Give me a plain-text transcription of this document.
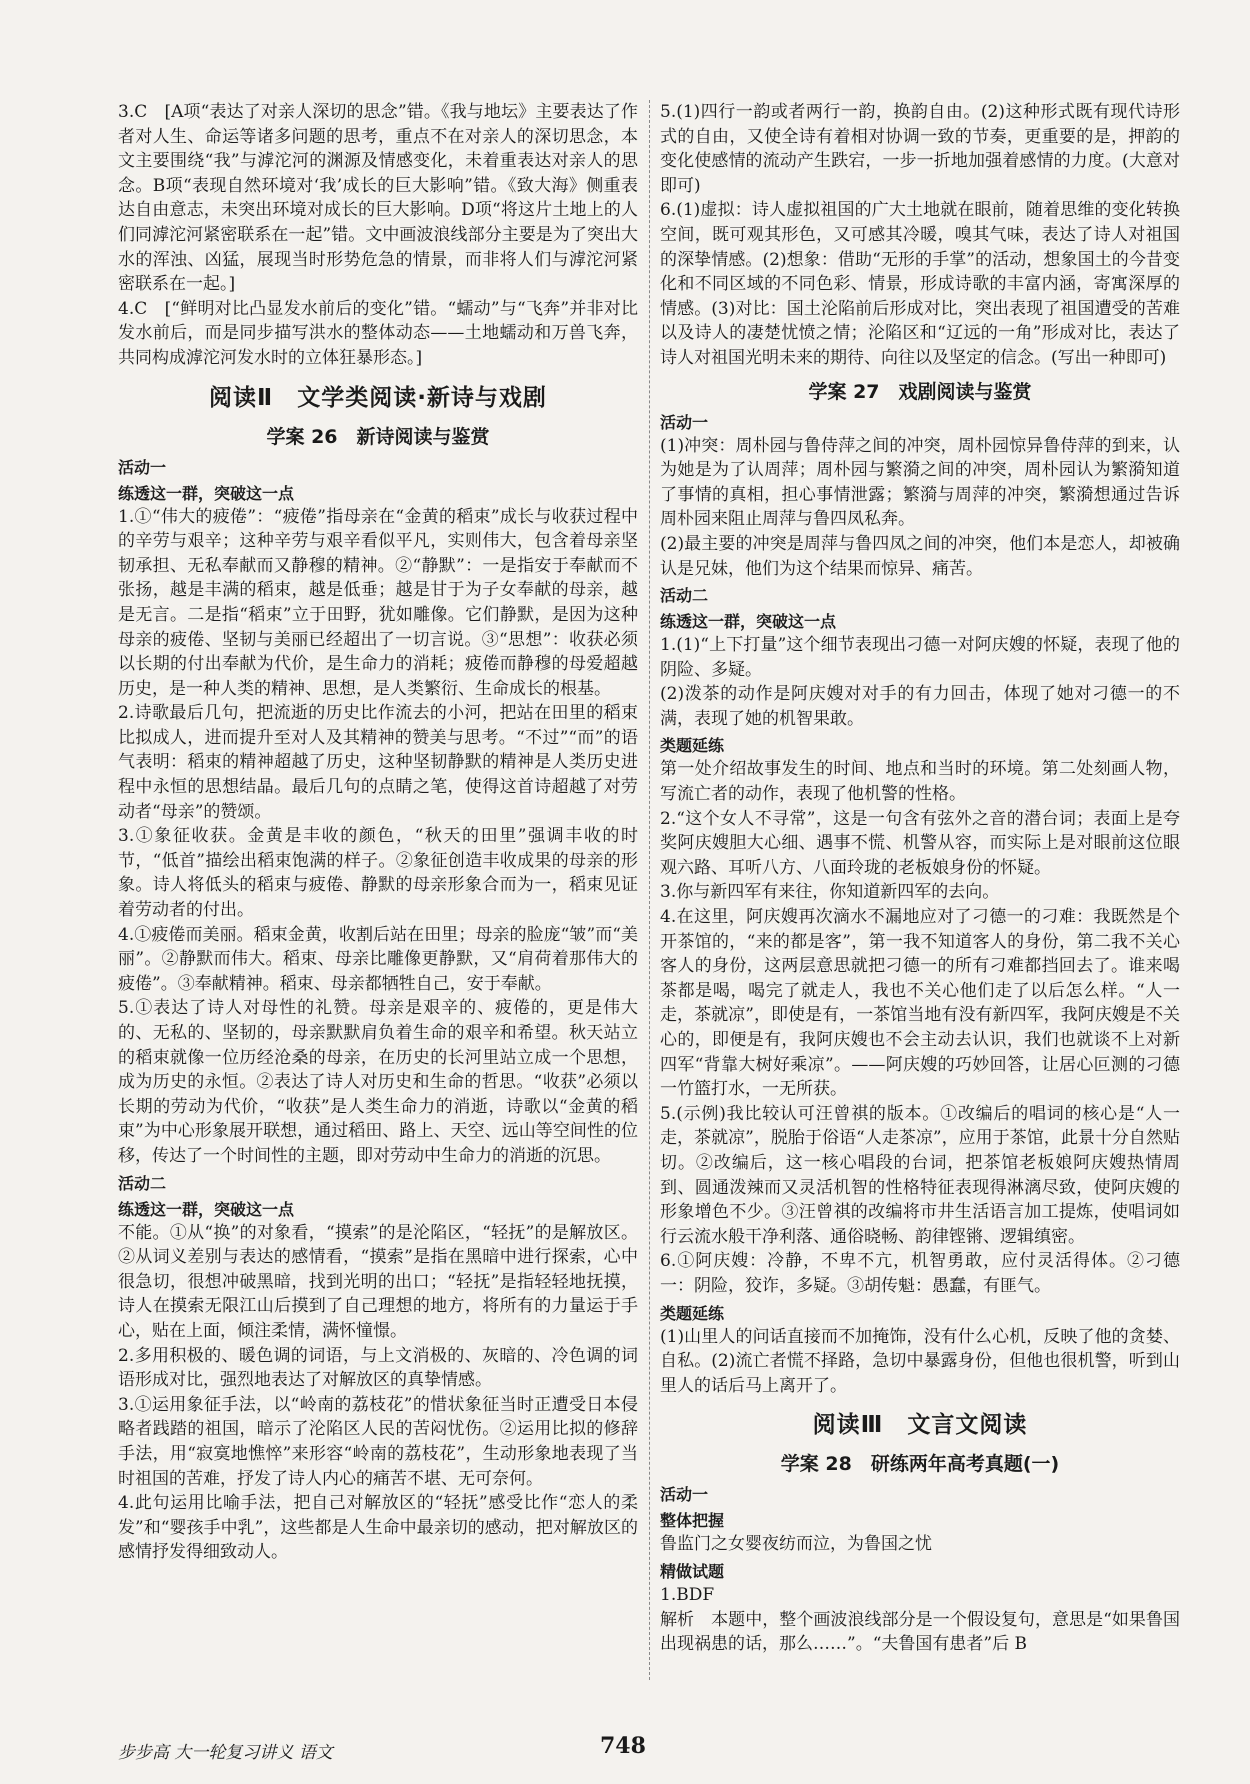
3.C　[A项“表达了对亲人深切的思念”错。《我与地坛》主要表达了作者对人生、命运等诸多问题的思考，重点不在对亲人的深切思念，本文主要围绕“我”与滹沱河的渊源及情感变化，未着重表达对亲人的思念。B项“表现自然环境对‘我’成长的巨大影响”错。《致大海》侧重表达自由意志，未突出环境对成长的巨大影响。D项“将这片土地上的人们同滹沱河紧密联系在一起”错。文中画波浪线部分主要是为了突出大水的浑浊、凶猛，展现当时形势危急的情景，而非将人们与滹沱河紧密联系在一起。]

4.C　[“鲜明对比凸显发水前后的变化”错。“蠕动”与“飞奔”并非对比发水前后，而是同步描写洪水的整体动态——土地蠕动和万兽飞奔，共同构成滹沱河发水时的立体狂暴形态。]

阅读Ⅱ　文学类阅读·新诗与戏剧
学案 26　新诗阅读与鉴赏
活动一
练透这一群，突破这一点

1.①“伟大的疲倦”：“疲倦”指母亲在“金黄的稻束”成长与收获过程中的辛劳与艰辛；这种辛劳与艰辛看似平凡，实则伟大，包含着母亲坚韧承担、无私奉献而又静穆的精神。②“静默”：一是指安于奉献而不张扬，越是丰满的稻束，越是低垂；越是甘于为子女奉献的母亲，越是无言。二是指“稻束”立于田野，犹如雕像。它们静默，是因为这种母亲的疲倦、坚韧与美丽已经超出了一切言说。③“思想”：收获必须以长期的付出奉献为代价，是生命力的消耗；疲倦而静穆的母爱超越历史，是一种人类的精神、思想，是人类繁衍、生命成长的根基。

2.诗歌最后几句，把流逝的历史比作流去的小河，把站在田里的稻束比拟成人，进而提升至对人及其精神的赞美与思考。“不过”“而”的语气表明：稻束的精神超越了历史，这种坚韧静默的精神是人类历史进程中永恒的思想结晶。最后几句的点睛之笔，使得这首诗超越了对劳动者“母亲”的赞颂。

3.①象征收获。金黄是丰收的颜色，“秋天的田里”强调丰收的时节，“低首”描绘出稻束饱满的样子。②象征创造丰收成果的母亲的形象。诗人将低头的稻束与疲倦、静默的母亲形象合而为一，稻束见证着劳动者的付出。

4.①疲倦而美丽。稻束金黄，收割后站在田里；母亲的脸庞“皱”而“美丽”。②静默而伟大。稻束、母亲比雕像更静默，又“肩荷着那伟大的疲倦”。③奉献精神。稻束、母亲都牺牲自己，安于奉献。

5.①表达了诗人对母性的礼赞。母亲是艰辛的、疲倦的，更是伟大的、无私的、坚韧的，母亲默默肩负着生命的艰辛和希望。秋天站立的稻束就像一位历经沧桑的母亲，在历史的长河里站立成一个思想，成为历史的永恒。②表达了诗人对历史和生命的哲思。“收获”必须以长期的劳动为代价，“收获”是人类生命力的消逝，诗歌以“金黄的稻束”为中心形象展开联想，通过稻田、路上、天空、远山等空间性的位移，传达了一个时间性的主题，即对劳动中生命力的消逝的沉思。

活动二
练透这一群，突破这一点

不能。①从“换”的对象看，“摸索”的是沦陷区，“轻抚”的是解放区。②从词义差别与表达的感情看，“摸索”是指在黑暗中进行探索，心中很急切，很想冲破黑暗，找到光明的出口；“轻抚”是指轻轻地抚摸，诗人在摸索无限江山后摸到了自己理想的地方，将所有的力量运于手心，贴在上面，倾注柔情，满怀憧憬。

2.多用积极的、暖色调的词语，与上文消极的、灰暗的、冷色调的词语形成对比，强烈地表达了对解放区的真挚情感。

3.①运用象征手法，以“岭南的荔枝花”的惜状象征当时正遭受日本侵略者践踏的祖国，暗示了沦陷区人民的苦闷忧伤。②运用比拟的修辞手法，用“寂寞地憔悴”来形容“岭南的荔枝花”，生动形象地表现了当时祖国的苦难，抒发了诗人内心的痛苦不堪、无可奈何。

4.此句运用比喻手法，把自己对解放区的“轻抚”感受比作“恋人的柔发”和“婴孩手中乳”，这些都是人生命中最亲切的感动，把对解放区的感情抒发得细致动人。

5.(1)四行一韵或者两行一韵，换韵自由。(2)这种形式既有现代诗形式的自由，又使全诗有着相对协调一致的节奏，更重要的是，押韵的变化使感情的流动产生跌宕，一步一折地加强着感情的力度。(大意对即可)

6.(1)虚拟：诗人虚拟祖国的广大土地就在眼前，随着思维的变化转换空间，既可观其形色，又可感其冷暖，嗅其气味，表达了诗人对祖国的深挚情感。(2)想象：借助“无形的手掌”的活动，想象国土的今昔变化和不同区域的不同色彩、情景，形成诗歌的丰富内涵，寄寓深厚的情感。(3)对比：国土沦陷前后形成对比，突出表现了祖国遭受的苦难以及诗人的凄楚忧愤之情；沦陷区和“辽远的一角”形成对比，表达了诗人对祖国光明未来的期待、向往以及坚定的信念。(写出一种即可)

学案 27　戏剧阅读与鉴赏
活动一

(1)冲突：周朴园与鲁侍萍之间的冲突，周朴园惊异鲁侍萍的到来，认为她是为了认周萍；周朴园与繁漪之间的冲突，周朴园认为繁漪知道了事情的真相，担心事情泄露；繁漪与周萍的冲突，繁漪想通过告诉周朴园来阻止周萍与鲁四凤私奔。

(2)最主要的冲突是周萍与鲁四凤之间的冲突，他们本是恋人，却被确认是兄妹，他们为这个结果而惊异、痛苦。

活动二
练透这一群，突破这一点

1.(1)“上下打量”这个细节表现出刁德一对阿庆嫂的怀疑，表现了他的阴险、多疑。

(2)泼茶的动作是阿庆嫂对对手的有力回击，体现了她对刁德一的不满，表现了她的机智果敢。

类题延练

第一处介绍故事发生的时间、地点和当时的环境。第二处刻画人物，写流亡者的动作，表现了他机警的性格。

2.“这个女人不寻常”，这是一句含有弦外之音的潜台词；表面上是夸奖阿庆嫂胆大心细、遇事不慌、机警从容，而实际上是对眼前这位眼观六路、耳听八方、八面玲珑的老板娘身份的怀疑。

3.你与新四军有来往，你知道新四军的去向。

4.在这里，阿庆嫂再次滴水不漏地应对了刁德一的刁难：我既然是个开茶馆的，“来的都是客”，第一我不知道客人的身份，第二我不关心客人的身份，这两层意思就把刁德一的所有刁难都挡回去了。谁来喝茶都是喝，喝完了就走人，我也不关心他们走了以后怎么样。“人一走，茶就凉”，即使是有，一茶馆当地有没有新四军，我阿庆嫂是不关心的，即便是有，我阿庆嫂也不会主动去认识，我们也就谈不上对新四军“背靠大树好乘凉”。——阿庆嫂的巧妙回答，让居心叵测的刁德一竹篮打水，一无所获。

5.(示例)我比较认可汪曾祺的版本。①改编后的唱词的核心是“人一走，茶就凉”，脱胎于俗语“人走茶凉”，应用于茶馆，此景十分自然贴切。②改编后，这一核心唱段的台词，把茶馆老板娘阿庆嫂热情周到、圆通泼辣而又灵活机智的性格特征表现得淋漓尽致，使阿庆嫂的形象增色不少。③汪曾祺的改编将市井生活语言加工提炼，使唱词如行云流水般干净利落、通俗晓畅、韵律铿锵、逻辑缜密。

6.①阿庆嫂：冷静，不卑不亢，机智勇敢，应付灵活得体。②刁德一：阴险，狡诈，多疑。③胡传魁：愚蠢，有匪气。

类题延练

(1)山里人的问话直接而不加掩饰，没有什么心机，反映了他的贪婪、自私。(2)流亡者慌不择路，急切中暴露身份，但他也很机警，听到山里人的话后马上离开了。

阅读Ⅲ　文言文阅读
学案 28　研练两年高考真题(一)
活动一
整体把握

鲁监门之女婴夜纺而泣，为鲁国之忧

精做试题

1.BDF

解析　本题中，整个画波浪线部分是一个假设复句，意思是“如果鲁国出现祸患的话，那么……”。“夫鲁国有患者”后 B

步步高 大一轮复习讲义 语文	748
